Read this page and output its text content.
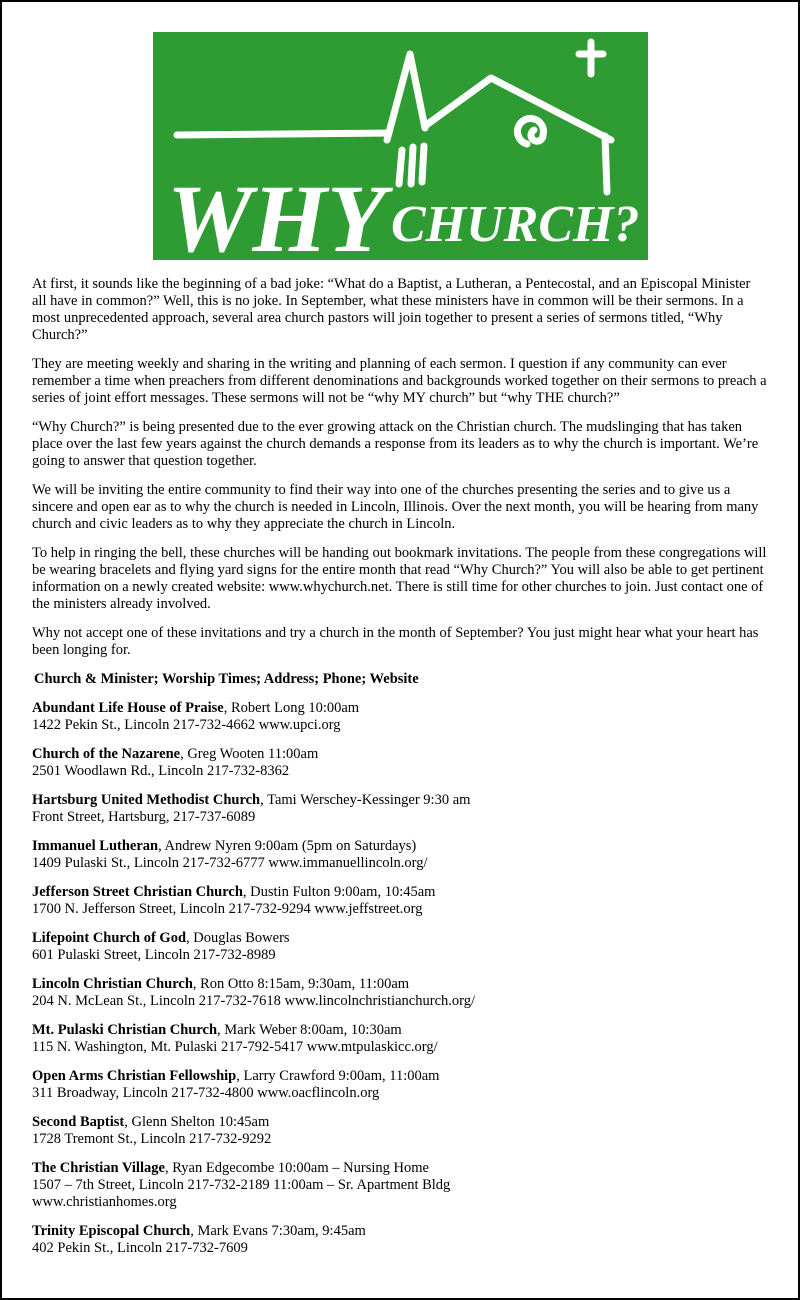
WHY CHURCH?

At first, it sounds like the beginning of a bad joke: “What do a Baptist, a Lutheran, a Pentecostal, and an Episcopal Minister all have in common?” Well, this is no joke. In September, what these ministers have in common will be their sermons. In a most unprecedented approach, several area church pastors will join together to present a series of sermons titled, “Why Church?”

They are meeting weekly and sharing in the writing and planning of each sermon. I question if any community can ever remember a time when preachers from different denominations and backgrounds worked together on their sermons to preach a series of joint effort messages. These sermons will not be “why MY church” but “why THE church?”

“Why Church?” is being presented due to the ever growing attack on the Christian church. The mudslinging that has taken place over the last few years against the church demands a response from its leaders as to why the church is important. We’re going to answer that question together.

We will be inviting the entire community to find their way into one of the churches presenting the series and to give us a sincere and open ear as to why the church is needed in Lincoln, Illinois. Over the next month, you will be hearing from many church and civic leaders as to why they appreciate the church in Lincoln.

To help in ringing the bell, these churches will be handing out bookmark invitations. The people from these congregations will be wearing bracelets and flying yard signs for the entire month that read “Why Church?” You will also be able to get pertinent information on a newly created website: www.whychurch.net. There is still time for other churches to join. Just contact one of the ministers already involved.

Why not accept one of these invitations and try a church in the month of September? You just might hear what your heart has been longing for.

Church & Minister; Worship Times; Address; Phone; Website
Abundant Life House of Praise, Robert Long 10:00am
1422 Pekin St., Lincoln 217-732-4662 www.upci.org
Church of the Nazarene, Greg Wooten 11:00am
2501 Woodlawn Rd., Lincoln 217-732-8362
Hartsburg United Methodist Church, Tami Werschey-Kessinger 9:30 am
Front Street, Hartsburg, 217-737-6089
Immanuel Lutheran, Andrew Nyren 9:00am (5pm on Saturdays)
1409 Pulaski St., Lincoln 217-732-6777 www.immanuellincoln.org/
Jefferson Street Christian Church, Dustin Fulton 9:00am, 10:45am
1700 N. Jefferson Street, Lincoln 217-732-9294 www.jeffstreet.org
Lifepoint Church of God, Douglas Bowers
601 Pulaski Street, Lincoln 217-732-8989
Lincoln Christian Church, Ron Otto 8:15am, 9:30am, 11:00am
204 N. McLean St., Lincoln 217-732-7618 www.lincolnchristianchurch.org/
Mt. Pulaski Christian Church, Mark Weber 8:00am, 10:30am
115 N. Washington, Mt. Pulaski 217-792-5417 www.mtpulaskicc.org/
Open Arms Christian Fellowship, Larry Crawford 9:00am, 11:00am
311 Broadway, Lincoln 217-732-4800 www.oacflincoln.org
Second Baptist, Glenn Shelton 10:45am
1728 Tremont St., Lincoln 217-732-9292
The Christian Village, Ryan Edgecombe 10:00am – Nursing Home
1507 – 7th Street, Lincoln 217-732-2189 11:00am – Sr. Apartment Bldg
www.christianhomes.org
Trinity Episcopal Church, Mark Evans 7:30am, 9:45am
402 Pekin St., Lincoln 217-732-7609
